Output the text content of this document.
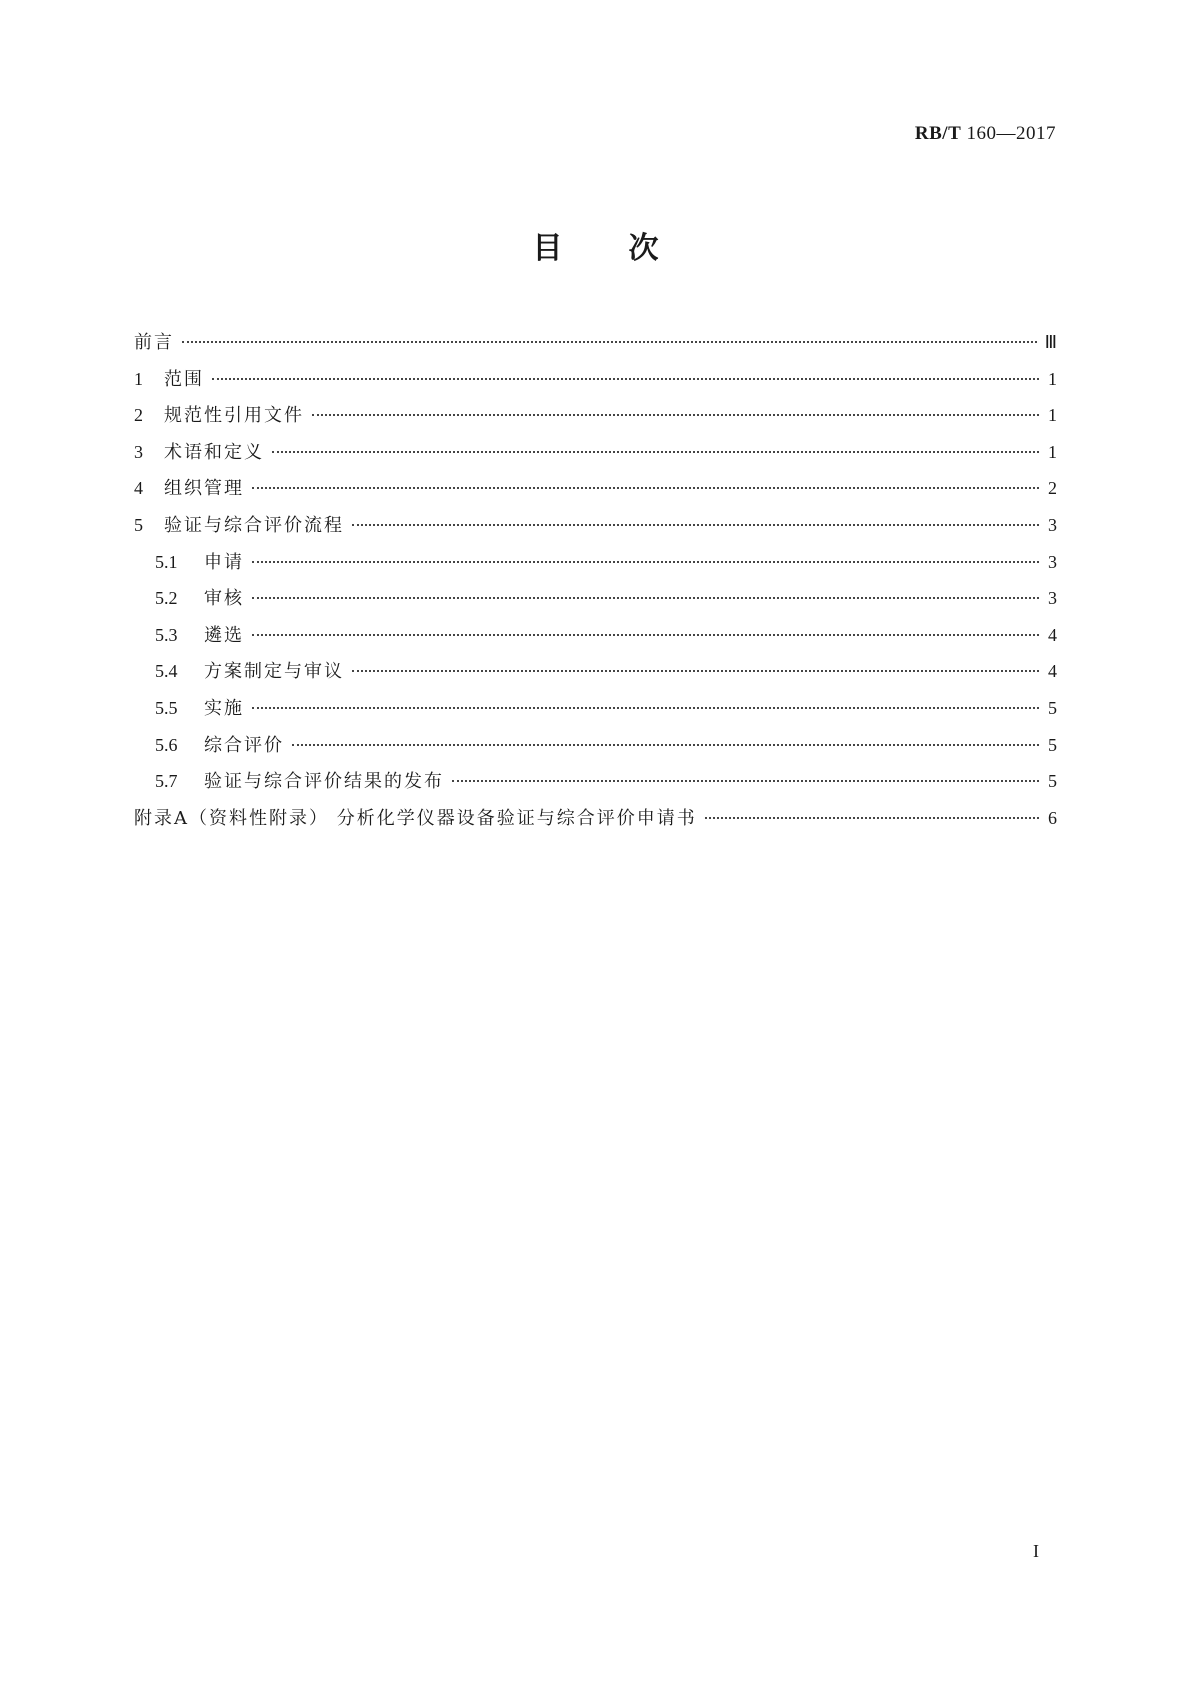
RB/T 160—2017
目次
前言	Ⅲ
1	范围	1
2	规范性引用文件	1
3	术语和定义	1
4	组织管理	2
5	验证与综合评价流程	3
5.1	申请	3
5.2	审核	3
5.3	遴选	4
5.4	方案制定与审议	4
5.5	实施	5
5.6	综合评价	5
5.7	验证与综合评价结果的发布	5
附录A（资料性附录） 分析化学仪器设备验证与综合评价申请书	6
I
